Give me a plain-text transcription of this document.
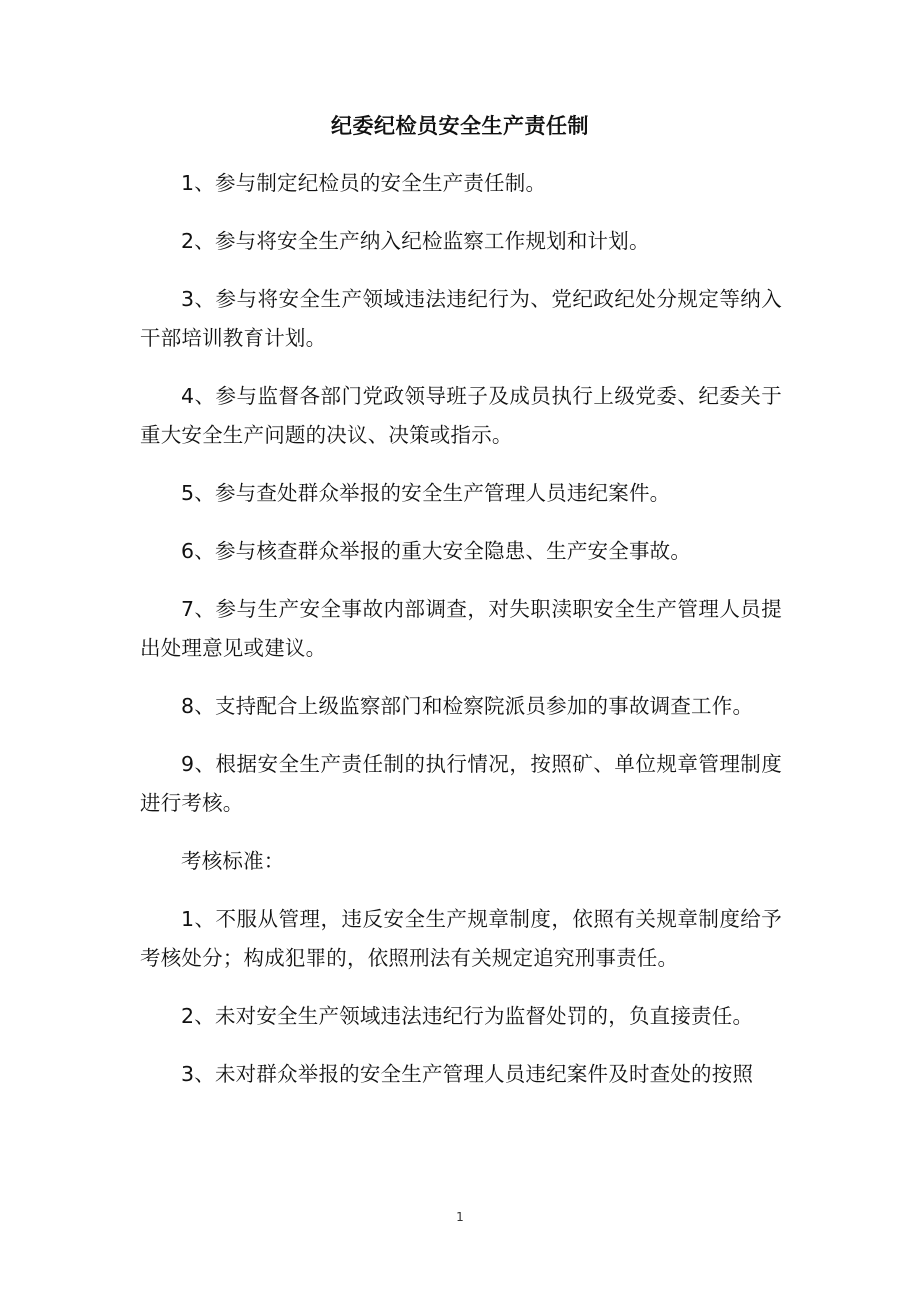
纪委纪检员安全生产责任制

1、参与制定纪检员的安全生产责任制。

2、参与将安全生产纳入纪检监察工作规划和计划。

3、参与将安全生产领域违法违纪行为、党纪政纪处分规定等纳入干部培训教育计划。

4、参与监督各部门党政领导班子及成员执行上级党委、纪委关于重大安全生产问题的决议、决策或指示。

5、参与查处群众举报的安全生产管理人员违纪案件。

6、参与核查群众举报的重大安全隐患、生产安全事故。

7、参与生产安全事故内部调查，对失职渎职安全生产管理人员提出处理意见或建议。

8、支持配合上级监察部门和检察院派员参加的事故调查工作。

9、根据安全生产责任制的执行情况，按照矿、单位规章管理制度进行考核。

考核标准：

1、不服从管理，违反安全生产规章制度，依照有关规章制度给予考核处分；构成犯罪的，依照刑法有关规定追究刑事责任。

2、未对安全生产领域违法违纪行为监督处罚的，负直接责任。

3、未对群众举报的安全生产管理人员违纪案件及时查处的按照

1
